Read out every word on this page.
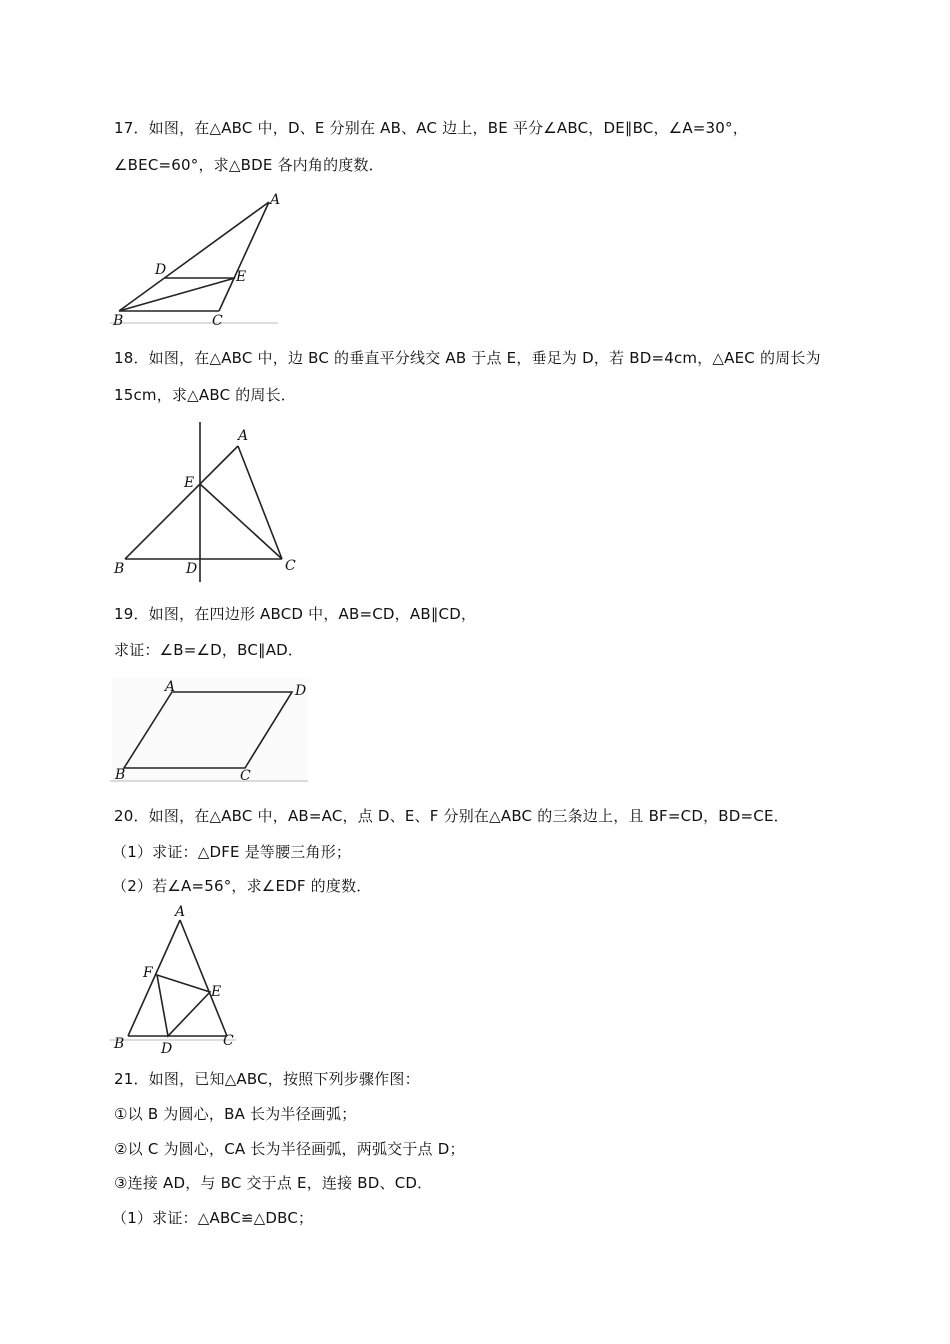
17．如图，在△ABC 中，D、E 分别在 AB、AC 边上，BE 平分∠ABC，DE∥BC，∠A=30°，
∠BEC=60°，求△BDE 各内角的度数．
A
B	C
D	E
18．如图，在△ABC 中，边 BC 的垂直平分线交 AB 于点 E，垂足为 D，若 BD=4cm，△AEC 的周长为
15cm，求△ABC 的周长．
A
B	C
D
E
19．如图，在四边形 ABCD 中，AB=CD，AB∥CD，
求证：∠B=∠D，BC∥AD．
A
B	C
D
20．如图，在△ABC 中，AB=AC，点 D、E、F 分别在△ABC 的三条边上，且 BF=CD，BD=CE．
（1）求证：△DFE 是等腰三角形；
（2）若∠A=56°，求∠EDF 的度数．
A
B	C
D
E
F
21．如图，已知△ABC，按照下列步骤作图：
①以 B 为圆心，BA 长为半径画弧；
②以 C 为圆心，CA 长为半径画弧，两弧交于点 D；
③连接 AD，与 BC 交于点 E，连接 BD、CD．
（1）求证：△ABC≌△DBC；
